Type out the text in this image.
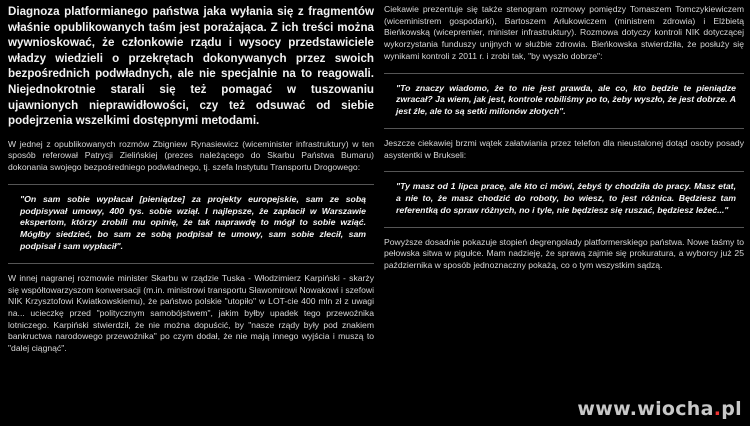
Diagnoza platformianego państwa jaka wyłania się z fragmentów właśnie opublikowanych taśm jest porażająca. Z ich treści można wywnioskować, że członkowie rządu i wysocy przedstawiciele władzy wiedzieli o przekrętach dokonywanych przez swoich bezpośrednich podwładnych, ale nie specjalnie na to reagowali. Niejednokrotnie starali się też pomagać w tuszowaniu ujawnionych nieprawidłowości, czy też odsuwać od siebie podejrzenia wszelkimi dostępnymi metodami.

W jednej z opublikowanych rozmów Zbigniew Rynasiewicz (wiceminister infrastruktury) w ten sposób referował Patrycji Zielińskiej (prezes należącego do Skarbu Państwa Bumaru) dokonania swojego bezpośredniego podwładnego, tj. szefa Instytutu Transportu Drogowego:

"On sam sobie wypłacał [pieniądze] za projekty europejskie, sam ze sobą podpisywał umowy, 400 tys. sobie wziął. I najlepsze, że zapłacił w Warszawie ekspertom, którzy zrobili mu opinię, że tak naprawdę to mógł to sobie wziąć. Mógłby siedzieć, bo sam ze sobą podpisał te umowy, sam sobie zlecił, sam podpisał i sam wypłacił".

W innej nagranej rozmowie minister Skarbu w rządzie Tuska - Włodzimierz Karpiński - skarży się współtowarzyszom konwersacji (m.in. ministrowi transportu Sławomirowi Nowakowi i szefowi NIK Krzysztofowi Kwiatkowskiemu), że państwo polskie "utopiło" w LOT-cie 400 mln zł z uwagi na... ucieczkę przed "politycznym samobójstwem", jakim byłby upadek tego przewoźnika lotniczego. Karpiński stwierdził, że nie można dopuścić, by "nasze rządy były pod znakiem bankructwa narodowego przewoźnika" po czym dodał, że nie mają innego wyjścia i muszą to "dalej ciągnąć".

Ciekawie prezentuje się także stenogram rozmowy pomiędzy Tomaszem Tomczykiewiczem (wiceministrem gospodarki), Bartoszem Arłukowiczem (ministrem zdrowia) i Elżbietą Bieńkowską (wicepremier, minister infrastruktury). Rozmowa dotyczy kontroli NIK dotyczącej wykorzystania funduszy unijnych w służbie zdrowia. Bieńkowska stwierdziła, że posłuży się wynikami kontroli z 2011 r. i zrobi tak, "by wyszło dobrze":

"To znaczy wiadomo, że to nie jest prawda, ale co, kto będzie te pieniądze zwracał? Ja wiem, jak jest, kontrole robiliśmy po to, żeby wyszło, że jest dobrze. A jest źle, ale to są setki milionów złotych".

Jeszcze ciekawiej brzmi wątek załatwiania przez telefon dla nieustalonej dotąd osoby posady asystentki w Brukseli:

"Ty masz od 1 lipca pracę, ale kto ci mówi, żebyś ty chodziła do pracy. Masz etat, a nie to, że masz chodzić do roboty, bo wiesz, to jest różnica. Będziesz tam referentką do spraw różnych, no i tyle, nie będziesz się ruszać, będziesz leżeć..."

Powyższe dosadnie pokazuje stopień degrengolady platformerskiego państwa. Nowe taśmy to pełowska sitwa w pigułce. Mam nadzieję, że sprawą zajmie się prokuratura, a wyborcy już 25 października w sposób jednoznaczny pokażą, co o tym wszystkim sądzą.

www.wiocha.pl
